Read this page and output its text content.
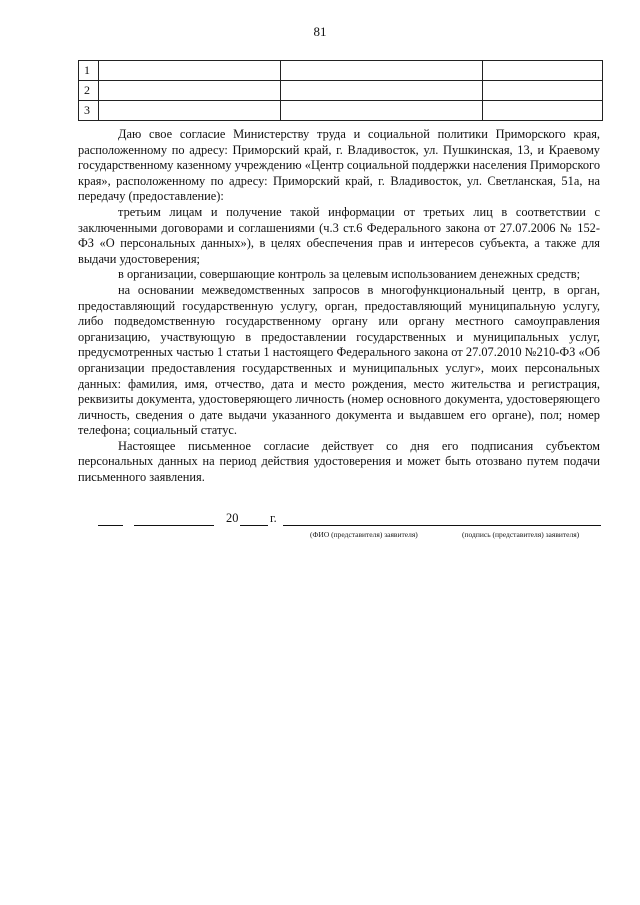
81
1			
2			
3			

Даю свое согласие Министерству труда и социальной политики Приморского края, расположенному по адресу: Приморский край, г. Владивосток, ул. Пушкинская, 13, и Краевому государственному казенному учреждению «Центр социальной поддержки населения Приморского края», расположенному по адресу: Приморский край, г. Владивосток, ул. Светланская, 51а, на передачу (предоставление):

третьим лицам и получение такой информации от третьих лиц в соответствии с заключенными договорами и соглашениями (ч.3 ст.6 Федерального закона от 27.07.2006 № 152-ФЗ «О персональных данных»), в целях обеспечения прав и интересов субъекта, а также для выдачи удостоверения;

в организации, совершающие контроль за целевым использованием денежных средств;

на основании межведомственных запросов в многофункциональный центр, в орган, предоставляющий государственную услугу, орган, предоставляющий муниципальную услугу, либо подведомственную государственному органу или органу местного самоуправления организацию, участвующую в предоставлении государственных и муниципальных услуг, предусмотренных частью 1 статьи 1 настоящего Федерального закона от 27.07.2010 №210-ФЗ «Об организации предоставления государственных и муниципальных услуг», моих персональных данных: фамилия, имя, отчество, дата и место рождения, место жительства и регистрация, реквизиты документа, удостоверяющего личность (номер основного документа, удостоверяющего личность, сведения о дате выдачи указанного документа и выдавшем его органе), пол; номер телефона; социальный статус.

Настоящее письменное согласие действует со дня его подписания субъектом персональных данных на период действия удостоверения и может быть отозвано путем подачи письменного заявления.

20	г.
(ФИО (представителя) заявителя)	(подпись (представителя) заявителя)
